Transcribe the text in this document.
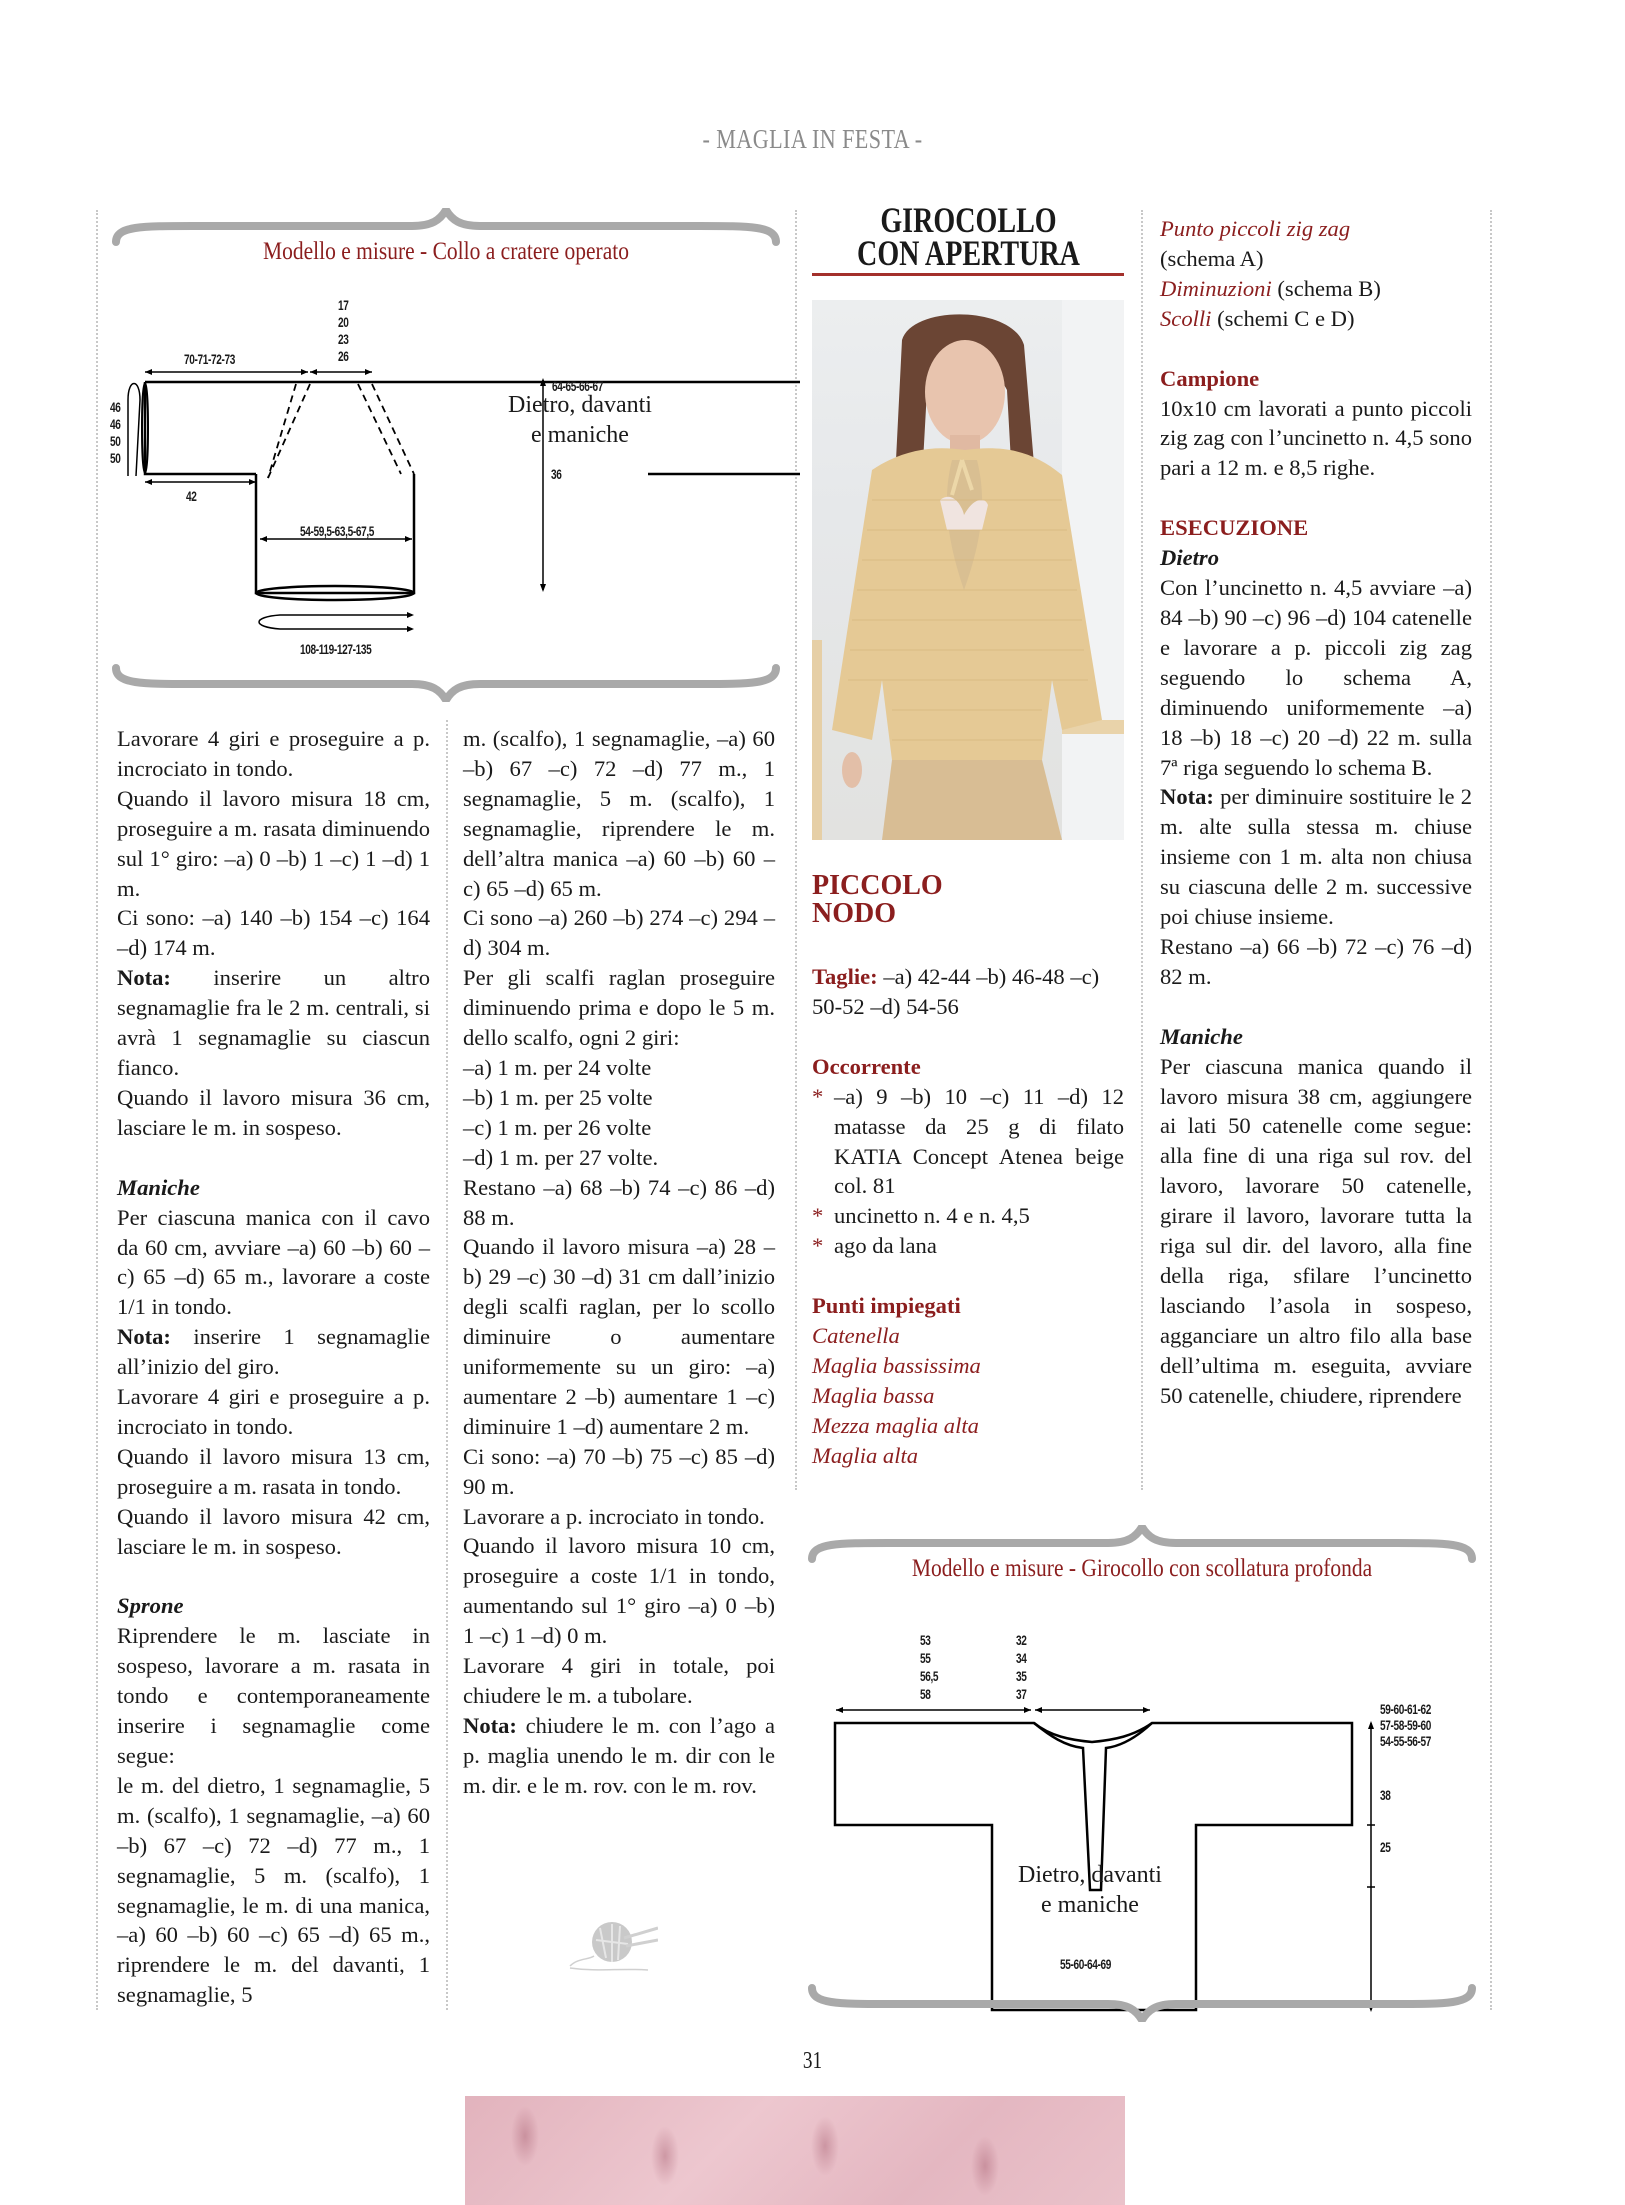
- MAGLIA IN FESTA -
Modello e misure - Collo a cratere operato
70-71-72-73
17
20
23
26
46
46
50
50
42
64-65-66-67
36
54-59,5-63,5-67,5
108-119-127-135
Dietro, davanti
e maniche

Lavorare 4 giri e proseguire a p. incrociato in tondo.

Quando il lavoro misura 18 cm, proseguire a m. rasata diminuendo sul 1° giro: –a) 0 –b) 1 –c) 1 –d) 1 m.

Ci sono: –a) 140 –b) 154 –c) 164 –d) 174 m.

Nota: inserire un altro segnamaglie fra le 2 m. centrali, si avrà 1 segnamaglie su ciascun fianco.

Quando il lavoro misura 36 cm, lasciare le m. in sospeso.

Maniche

Per ciascuna manica con il cavo da 60 cm, avviare –a) 60 –b) 60 –c) 65 –d) 65 m., lavorare a coste 1/1 in tondo.

Nota: inserire 1 segnamaglie all’inizio del giro.

Lavorare 4 giri e proseguire a p. incrociato in tondo.

Quando il lavoro misura 13 cm, proseguire a m. rasata in tondo.

Quando il lavoro misura 42 cm, lasciare le m. in sospeso.

Sprone

Riprendere le m. lasciate in sospeso, lavorare a m. rasata in tondo e contemporaneamente inserire i segnamaglie come segue:

le m. del dietro, 1 segnamaglie, 5 m. (scalfo), 1 segnamaglie, –a) 60 –b) 67 –c) 72 –d) 77 m., 1 segnamaglie, 5 m. (scalfo), 1 segnamaglie, le m. di una manica, –a) 60 –b) 60 –c) 65 –d) 65 m., riprendere le m. del davanti, 1 segnamaglie, 5

m. (scalfo), 1 segnamaglie, –a) 60 –b) 67 –c) 72 –d) 77 m., 1 segnamaglie, 5 m. (scalfo), 1 segnamaglie, riprendere le m. dell’altra manica –a) 60 –b) 60 –c) 65 –d) 65 m.

Ci sono –a) 260 –b) 274 –c) 294 –d) 304 m.

Per gli scalfi raglan proseguire diminuendo prima e dopo le 5 m. dello scalfo, ogni 2 giri:

–a) 1 m. per 24 volte

–b) 1 m. per 25 volte

–c) 1 m. per 26 volte

–d) 1 m. per 27 volte.

Restano –a) 68 –b) 74 –c) 86 –d) 88 m.

Quando il lavoro misura –a) 28 –b) 29 –c) 30 –d) 31 cm dall’inizio degli scalfi raglan, per lo scollo diminuire o aumentare uniformemente su un giro: –a) aumentare 2 –b) aumentare 1 –c) diminuire 1 –d) aumentare 2 m.

Ci sono: –a) 70 –b) 75 –c) 85 –d) 90 m.

Lavorare a p. incrociato in tondo.

Quando il lavoro misura 10 cm, proseguire a coste 1/1 in tondo, aumentando sul 1° giro –a) 0 –b) 1 –c) 1 –d) 0 m.

Lavorare 4 giri in totale, poi chiudere le m. a tubolare.

Nota: chiudere le m. con l’ago a p. maglia unendo le m. dir con le m. dir. e le m. rov. con le m. rov.

GIROCOLLO
CON APERTURA
PICCOLO
NODO

Taglie: –a) 42-44 –b) 46-48 –c) 50-52 –d) 54-56

Occorrente

* –a) 9 –b) 10 –c) 11 –d) 12 matasse da 25 g di filato KATIA Concept Atenea beige col. 81
* uncinetto n. 4 e n. 4,5
* ago da lana

Punti impiegati

Catenella

Maglia bassissima

Maglia bassa

Mezza maglia alta

Maglia alta

Punto piccoli zig zag

(schema A)

Diminuzioni (schema B)

Scolli (schemi C e D)

Campione

10x10 cm lavorati a punto piccoli zig zag con l’uncinetto n. 4,5 sono pari a 12 m. e 8,5 righe.

ESECUZIONE

Dietro

Con l’uncinetto n. 4,5 avviare –a) 84 –b) 90 –c) 96 –d) 104 catenelle e lavorare a p. piccoli zig zag seguendo lo schema A, diminuendo uniformemente –a) 18 –b) 18 –c) 20 –d) 22 m. sulla 7ª riga seguendo lo schema B.

Nota: per diminuire sostituire le 2 m. alte sulla stessa m. chiuse insieme con 1 m. alta non chiusa su ciascuna delle 2 m. successive poi chiuse insieme.

Restano –a) 66 –b) 72 –c) 76 –d) 82 m.

Maniche

Per ciascuna manica quando il lavoro misura 38 cm, aggiungere ai lati 50 catenelle come segue: alla fine di una riga sul rov. del lavoro, lavorare 50 catenelle, girare il lavoro, lavorare tutta la riga sul dir. del lavoro, alla fine della riga, sfilare l’uncinetto lasciando l’asola in sospeso, agganciare un altro filo alla base dell’ultima m. eseguita, avviare 50 catenelle, chiudere, riprendere

Modello e misure - Girocollo con scollatura profonda
53
55
56,5
58
32
34
35
37
59-60-61-62
57-58-59-60
54-55-56-57
38
25
55-60-64-69
Dietro, davanti
e maniche
31
